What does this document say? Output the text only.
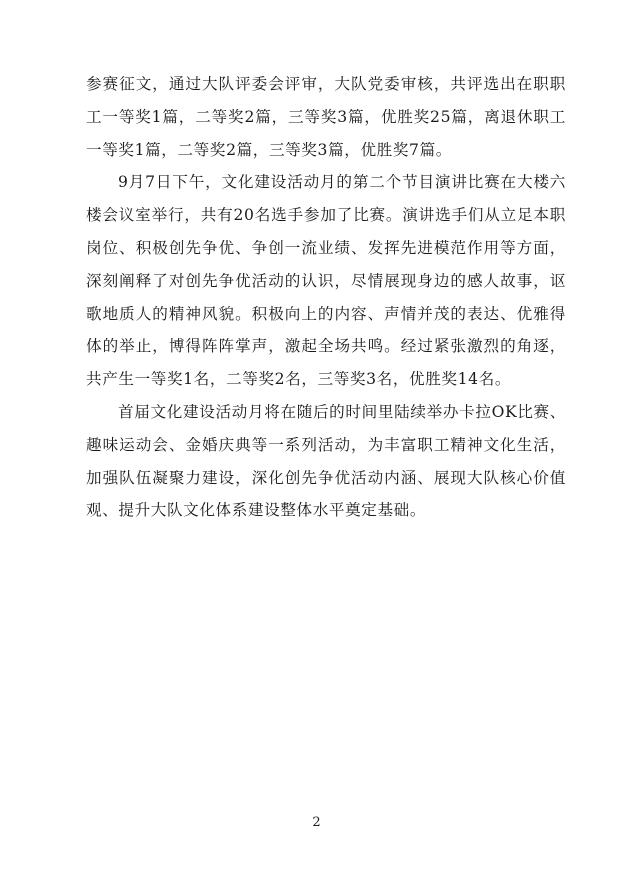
参赛征文，通过大队评委会评审，大队党委审核，共评选出在职职工一等奖1篇，二等奖2篇，三等奖3篇，优胜奖25篇，离退休职工一等奖1篇，二等奖2篇，三等奖3篇，优胜奖7篇。

9月7日下午，文化建设活动月的第二个节目演讲比赛在大楼六楼会议室举行，共有20名选手参加了比赛。演讲选手们从立足本职岗位、积极创先争优、争创一流业绩、发挥先进模范作用等方面，深刻阐释了对创先争优活动的认识，尽情展现身边的感人故事，讴歌地质人的精神风貌。积极向上的内容、声情并茂的表达、优雅得体的举止，博得阵阵掌声，激起全场共鸣。经过紧张激烈的角逐，共产生一等奖1名，二等奖2名，三等奖3名，优胜奖14名。

首届文化建设活动月将在随后的时间里陆续举办卡拉OK比赛、趣味运动会、金婚庆典等一系列活动，为丰富职工精神文化生活，加强队伍凝聚力建设，深化创先争优活动内涵、展现大队核心价值观、提升大队文化体系建设整体水平奠定基础。

2
